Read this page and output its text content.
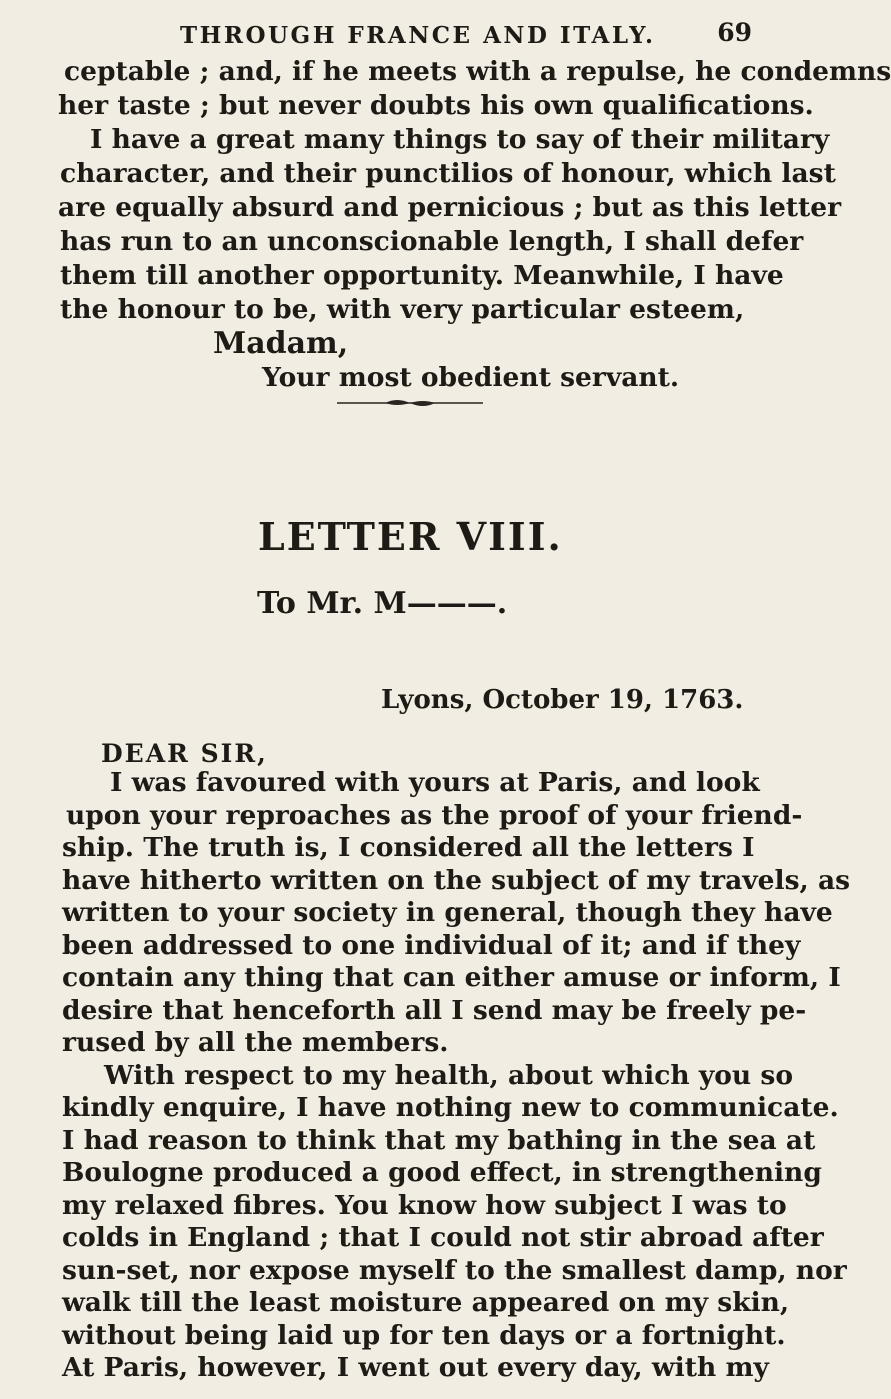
THROUGH FRANCE AND ITALY. 69
ceptable ; and, if he meets with a repulse, he condemns
her taste ; but never doubts his own qualifications.
I have a great many things to say of their military
character, and their punctilios of honour, which last
are equally absurd and pernicious ; but as this letter
has run to an unconscionable length, I shall defer
them till another opportunity. Meanwhile, I have
the honour to be, with very particular esteem,
Madam,
Your most obedient servant.
LETTER VIII.
To Mr. M———.
Lyons, October 19, 1763.
DEAR SIR,
I was favoured with yours at Paris, and look
upon your reproaches as the proof of your friend-
ship. The truth is, I considered all the letters I
have hitherto written on the subject of my travels, as
written to your society in general, though they have
been addressed to one individual of it; and if they
contain any thing that can either amuse or inform, I
desire that henceforth all I send may be freely pe-
rused by all the members.
With respect to my health, about which you so
kindly enquire, I have nothing new to communicate.
I had reason to think that my bathing in the sea at
Boulogne produced a good effect, in strengthening
my relaxed fibres. You know how subject I was to
colds in England ; that I could not stir abroad after
sun-set, nor expose myself to the smallest damp, nor
walk till the least moisture appeared on my skin,
without being laid up for ten days or a fortnight.
At Paris, however, I went out every day, with my
